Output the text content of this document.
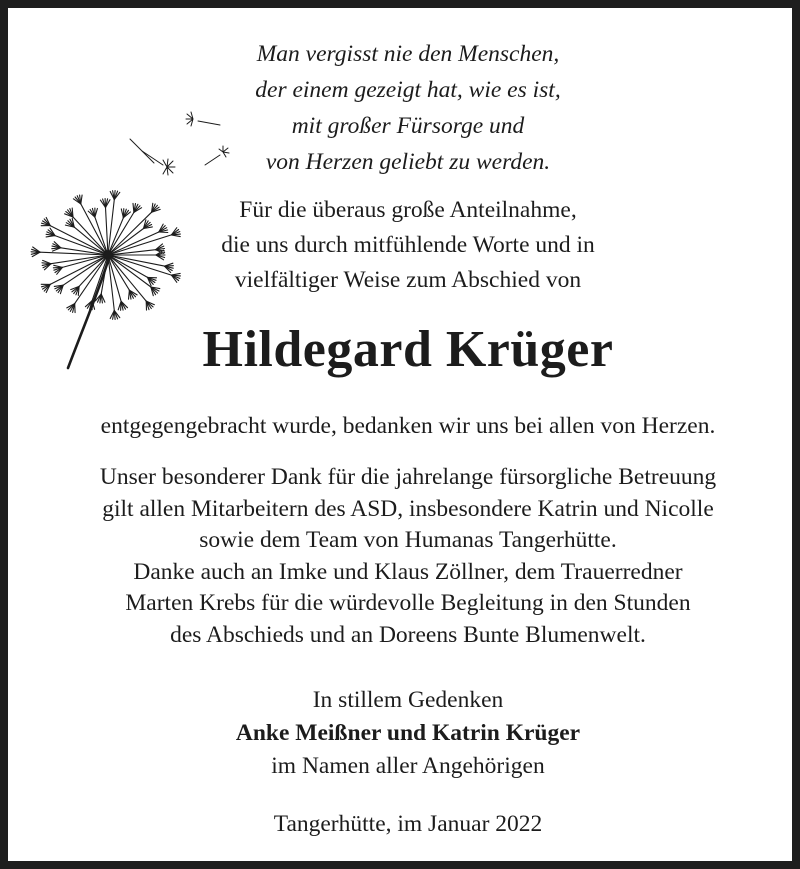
Man vergisst nie den Menschen,
der einem gezeigt hat, wie es ist,
mit großer Fürsorge und
von Herzen geliebt zu werden.
Für die überaus große Anteilnahme,
die uns durch mitfühlende Worte und in
vielfältiger Weise zum Abschied von
Hildegard Krüger
entgegengebracht wurde, bedanken wir uns bei allen von Herzen.
Unser besonderer Dank für die jahrelange fürsorgliche Betreuung
gilt allen Mitarbeitern des ASD, insbesondere Katrin und Nicolle
sowie dem Team von Humanas Tangerhütte.
Danke auch an Imke und Klaus Zöllner, dem Trauerredner
Marten Krebs für die würdevolle Begleitung in den Stunden
des Abschieds und an Doreens Bunte Blumenwelt.
In stillem Gedenken
Anke Meißner und Katrin Krüger
im Namen aller Angehörigen
Tangerhütte, im Januar 2022
